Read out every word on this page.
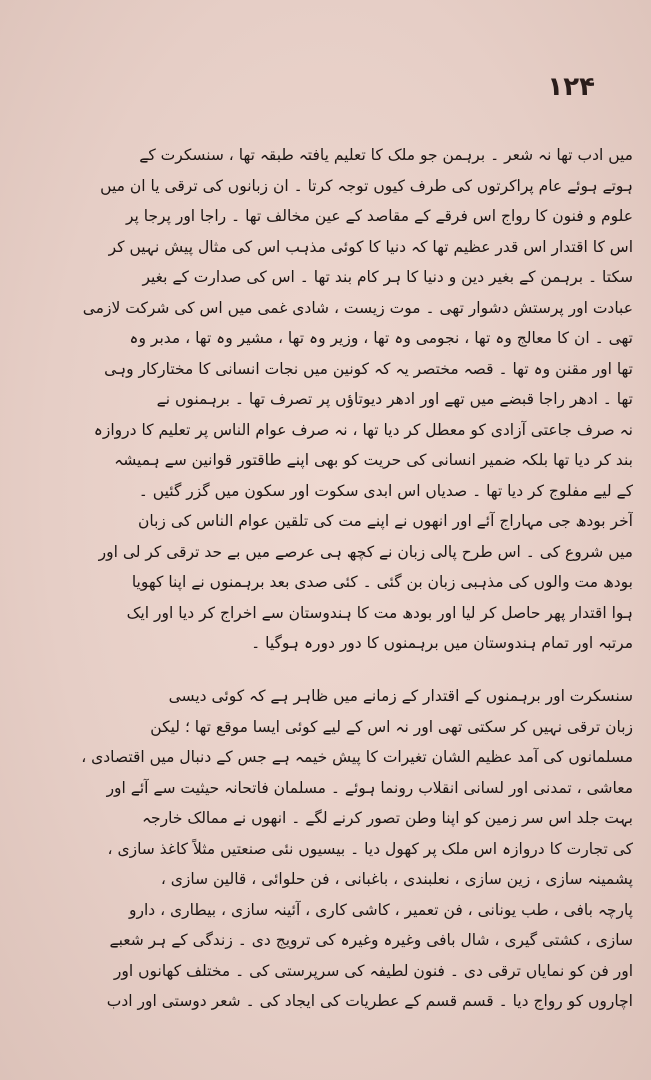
۱۲۴
میں ادب تھا نہ شعر ۔ برہمن جو ملک کا تعلیم یافتہ طبقہ تھا ، سنسکرت کے
ہوتے ہوئے عام پراکرتوں کی طرف کیوں توجہ کرتا ۔ ان زبانوں کی ترقی یا ان میں
علوم و فنون کا رواج اس فرقے کے مقاصد کے عین مخالف تھا ۔ راجا اور پرجا پر
اس کا اقتدار اس قدر عظیم تھا کہ دنیا کا کوئی مذہب اس کی مثال پیش نہیں کر
سکتا ۔ برہمن کے بغیر دین و دنیا کا ہر کام بند تھا ۔ اس کی صدارت کے بغیر
عبادت اور پرستش دشوار تھی ۔ موت زیست ، شادی غمی میں اس کی شرکت لازمی
تھی ۔ ان کا معالج وہ تھا ، نجومی وہ تھا ، وزیر وہ تھا ، مشیر وہ تھا ، مدبر وہ
تھا اور مقنن وہ تھا ۔ قصہ مختصر یہ کہ کونین میں نجات انسانی کا مختارکار وہی
تھا ۔ ادھر راجا قبضے میں تھے اور ادھر دیوتاؤں پر تصرف تھا ۔ برہمنوں نے
نہ صرف جاعتی آزادی کو معطل کر دیا تھا ، نہ صرف عوام الناس پر تعلیم کا دروازہ
بند کر دیا تھا بلکہ ضمیر انسانی کی حریت کو بھی اپنے طاقتور قوانین سے ہمیشہ
کے لیے مفلوج کر دیا تھا ۔ صدیاں اس ابدی سکوت اور سکون میں گزر گئیں ۔
آخر بودھ جی مہاراج آئے اور انھوں نے اپنے مت کی تلقین عوام الناس کی زبان
میں شروع کی ۔ اس طرح پالی زبان نے کچھ ہی عرصے میں بے حد ترقی کر لی اور
بودھ مت والوں کی مذہبی زبان بن گئی ۔ کئی صدی بعد برہمنوں نے اپنا کھویا
ہوا اقتدار پھر حاصل کر لیا اور بودھ مت کا ہندوستان سے اخراج کر دیا اور ایک
مرتبہ اور تمام ہندوستان میں برہمنوں کا دور دورہ ہوگیا ۔
سنسکرت اور برہمنوں کے اقتدار کے زمانے میں ظاہر ہے کہ کوئی دیسی
زبان ترقی نہیں کر سکتی تھی اور نہ اس کے لیے کوئی ایسا موقع تھا ؛ لیکن
مسلمانوں کی آمد عظیم الشان تغیرات کا پیش خیمہ ہے جس کے دنبال میں اقتصادی ،
معاشی ، تمدنی اور لسانی انقلاب رونما ہوئے ۔ مسلمان فاتحانہ حیثیت سے آئے اور
بہت جلد اس سر زمین کو اپنا وطن تصور کرنے لگے ۔ انھوں نے ممالک خارجہ
کی تجارت کا دروازہ اس ملک پر کھول دیا ۔ بیسیوں نئی صنعتیں مثلاً کاغذ سازی ،
پشمینہ سازی ، زین سازی ، نعلبندی ، باغبانی ، فن حلوائی ، قالین سازی ،
پارچہ بافی ، طب یونانی ، فن تعمیر ، کاشی کاری ، آئینہ سازی ، بیطاری ، دارو
سازی ، کشتی گیری ، شال بافی وغیرہ وغیرہ کی ترویج دی ۔ زندگی کے ہر شعبے
اور فن کو نمایاں ترقی دی ۔ فنون لطیفہ کی سرپرستی کی ۔ مختلف کھانوں اور
اچاروں کو رواج دیا ۔ قسم قسم کے عطریات کی ایجاد کی ۔ شعر دوستی اور ادب
